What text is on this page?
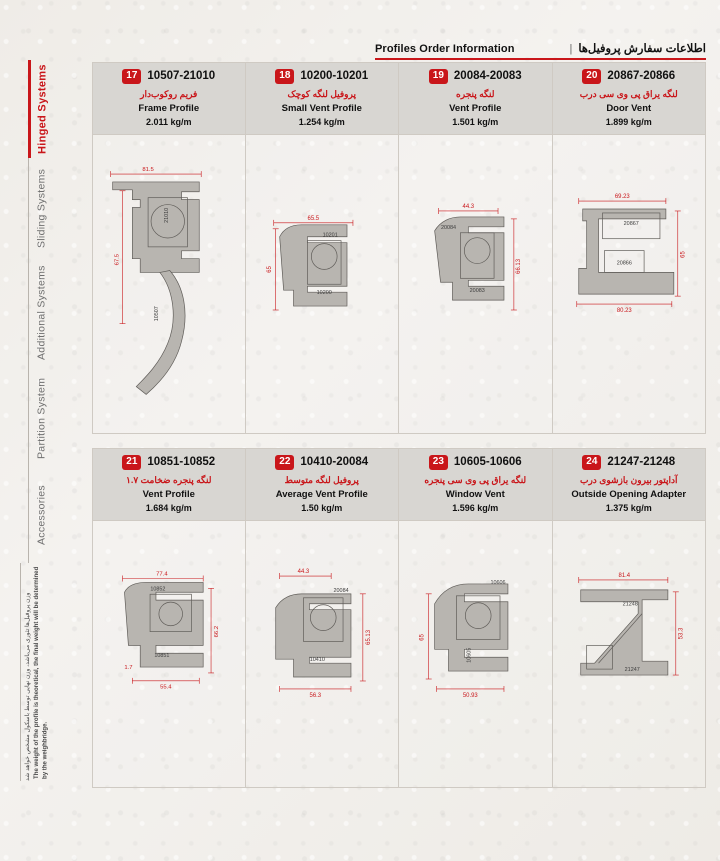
Profiles Order Information	| اطلاعات سفارش پروفیل‌ها
Hinged Systems
Sliding Systems
Additional Systems
Partition System
Accessories
وزن پروفیل‌ها تئوری می‌باشد، وزن نهایی توسط باسکول مشخص خواهد شد The weight of the profile is theoretical, the final weight will be determined by the weighbridge.
17 10507-21010
فریم روکوب‌دار
Frame Profile
2.011 kg/m
81.5
67.5
21010
10507
18 10200-10201
پروفیل لنگه کوچک
Small Vent Profile
1.254 kg/m
65.5
65
10201
10200
19 20084-20083
لنگه پنجره
Vent Profile
1.501 kg/m
44.3
66.13
20084
20083
20 20867-20866
لنگه یراق پی وی سی درب
Door Vent
1.899 kg/m
69.23
80.23
65
20867
20866
21 10851-10852
لنگه پنجره ضخامت ۱.۷
Vent Profile
1.684 kg/m
77.4
55.4
66.2
1.7
10852
10851
22 10410-20084
پروفیل لنگه متوسط
Average Vent Profile
1.50 kg/m
44.3
56.3
65.13
20084
10410
23 10605-10606
لنگه یراق پی وی سی پنجره
Window Vent
1.596 kg/m
65
50.93
10606
10605
24 21247-21248
آداپتور بیرون بازشوی درب
Outside Opening Adapter
1.375 kg/m
81.4
53.3
21248
21247
